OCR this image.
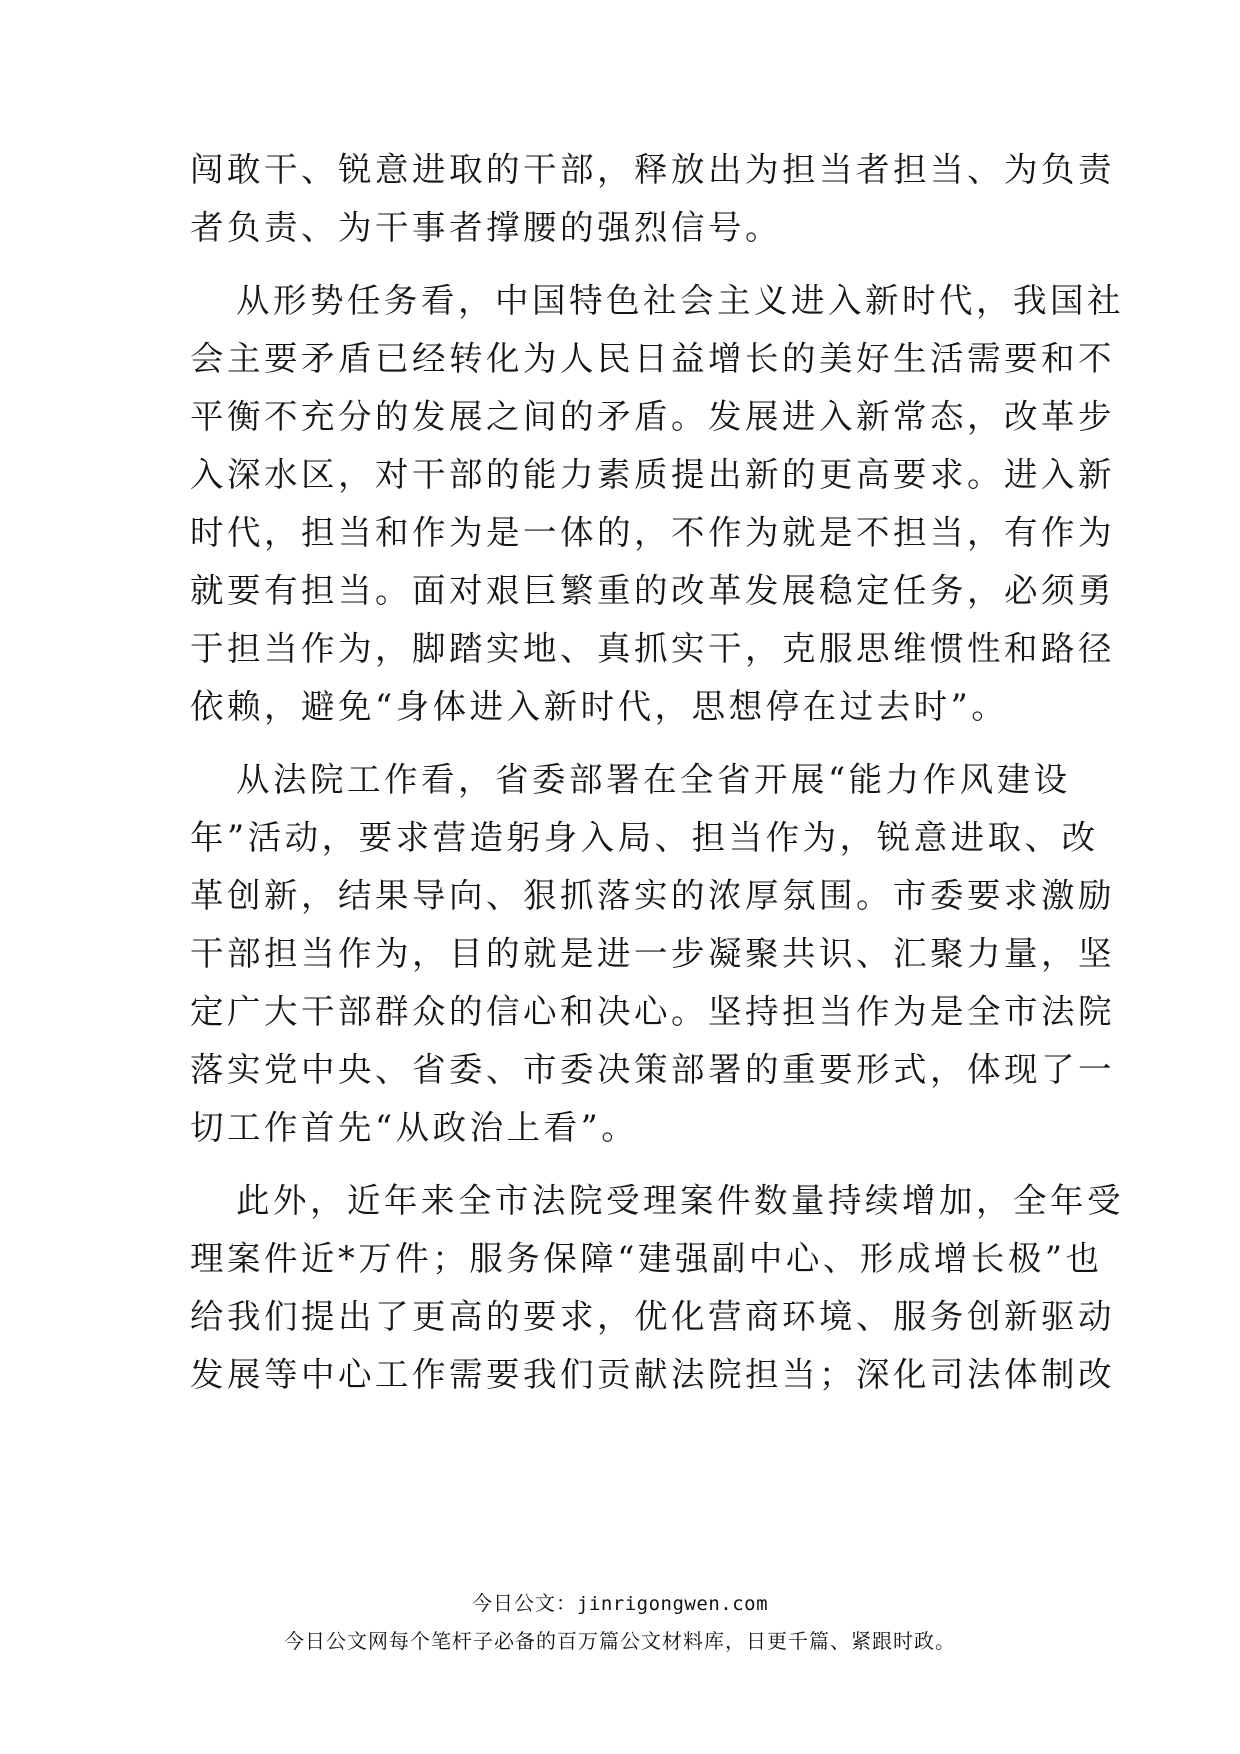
闯敢干、锐意进取的干部，释放出为担当者担当、为负责
者负责、为干事者撑腰的强烈信号。
从形势任务看，中国特色社会主义进入新时代，我国社
会主要矛盾已经转化为人民日益增长的美好生活需要和不
平衡不充分的发展之间的矛盾。发展进入新常态，改革步
入深水区，对干部的能力素质提出新的更高要求。进入新
时代，担当和作为是一体的，不作为就是不担当，有作为
就要有担当。面对艰巨繁重的改革发展稳定任务，必须勇
于担当作为，脚踏实地、真抓实干，克服思维惯性和路径
依赖，避免“身体进入新时代，思想停在过去时”。
从法院工作看，省委部署在全省开展“能力作风建设
年”活动，要求营造躬身入局、担当作为，锐意进取、改
革创新，结果导向、狠抓落实的浓厚氛围。市委要求激励
干部担当作为，目的就是进一步凝聚共识、汇聚力量，坚
定广大干部群众的信心和决心。坚持担当作为是全市法院
落实党中央、省委、市委决策部署的重要形式，体现了一
切工作首先“从政治上看”。
此外，近年来全市法院受理案件数量持续增加，全年受
理案件近*万件；服务保障“建强副中心、形成增长极”也
给我们提出了更高的要求，优化营商环境、服务创新驱动
发展等中心工作需要我们贡献法院担当；深化司法体制改
今日公文：jinrigongwen.com
今日公文网每个笔杆子必备的百万篇公文材料库，日更千篇、紧跟时政。
